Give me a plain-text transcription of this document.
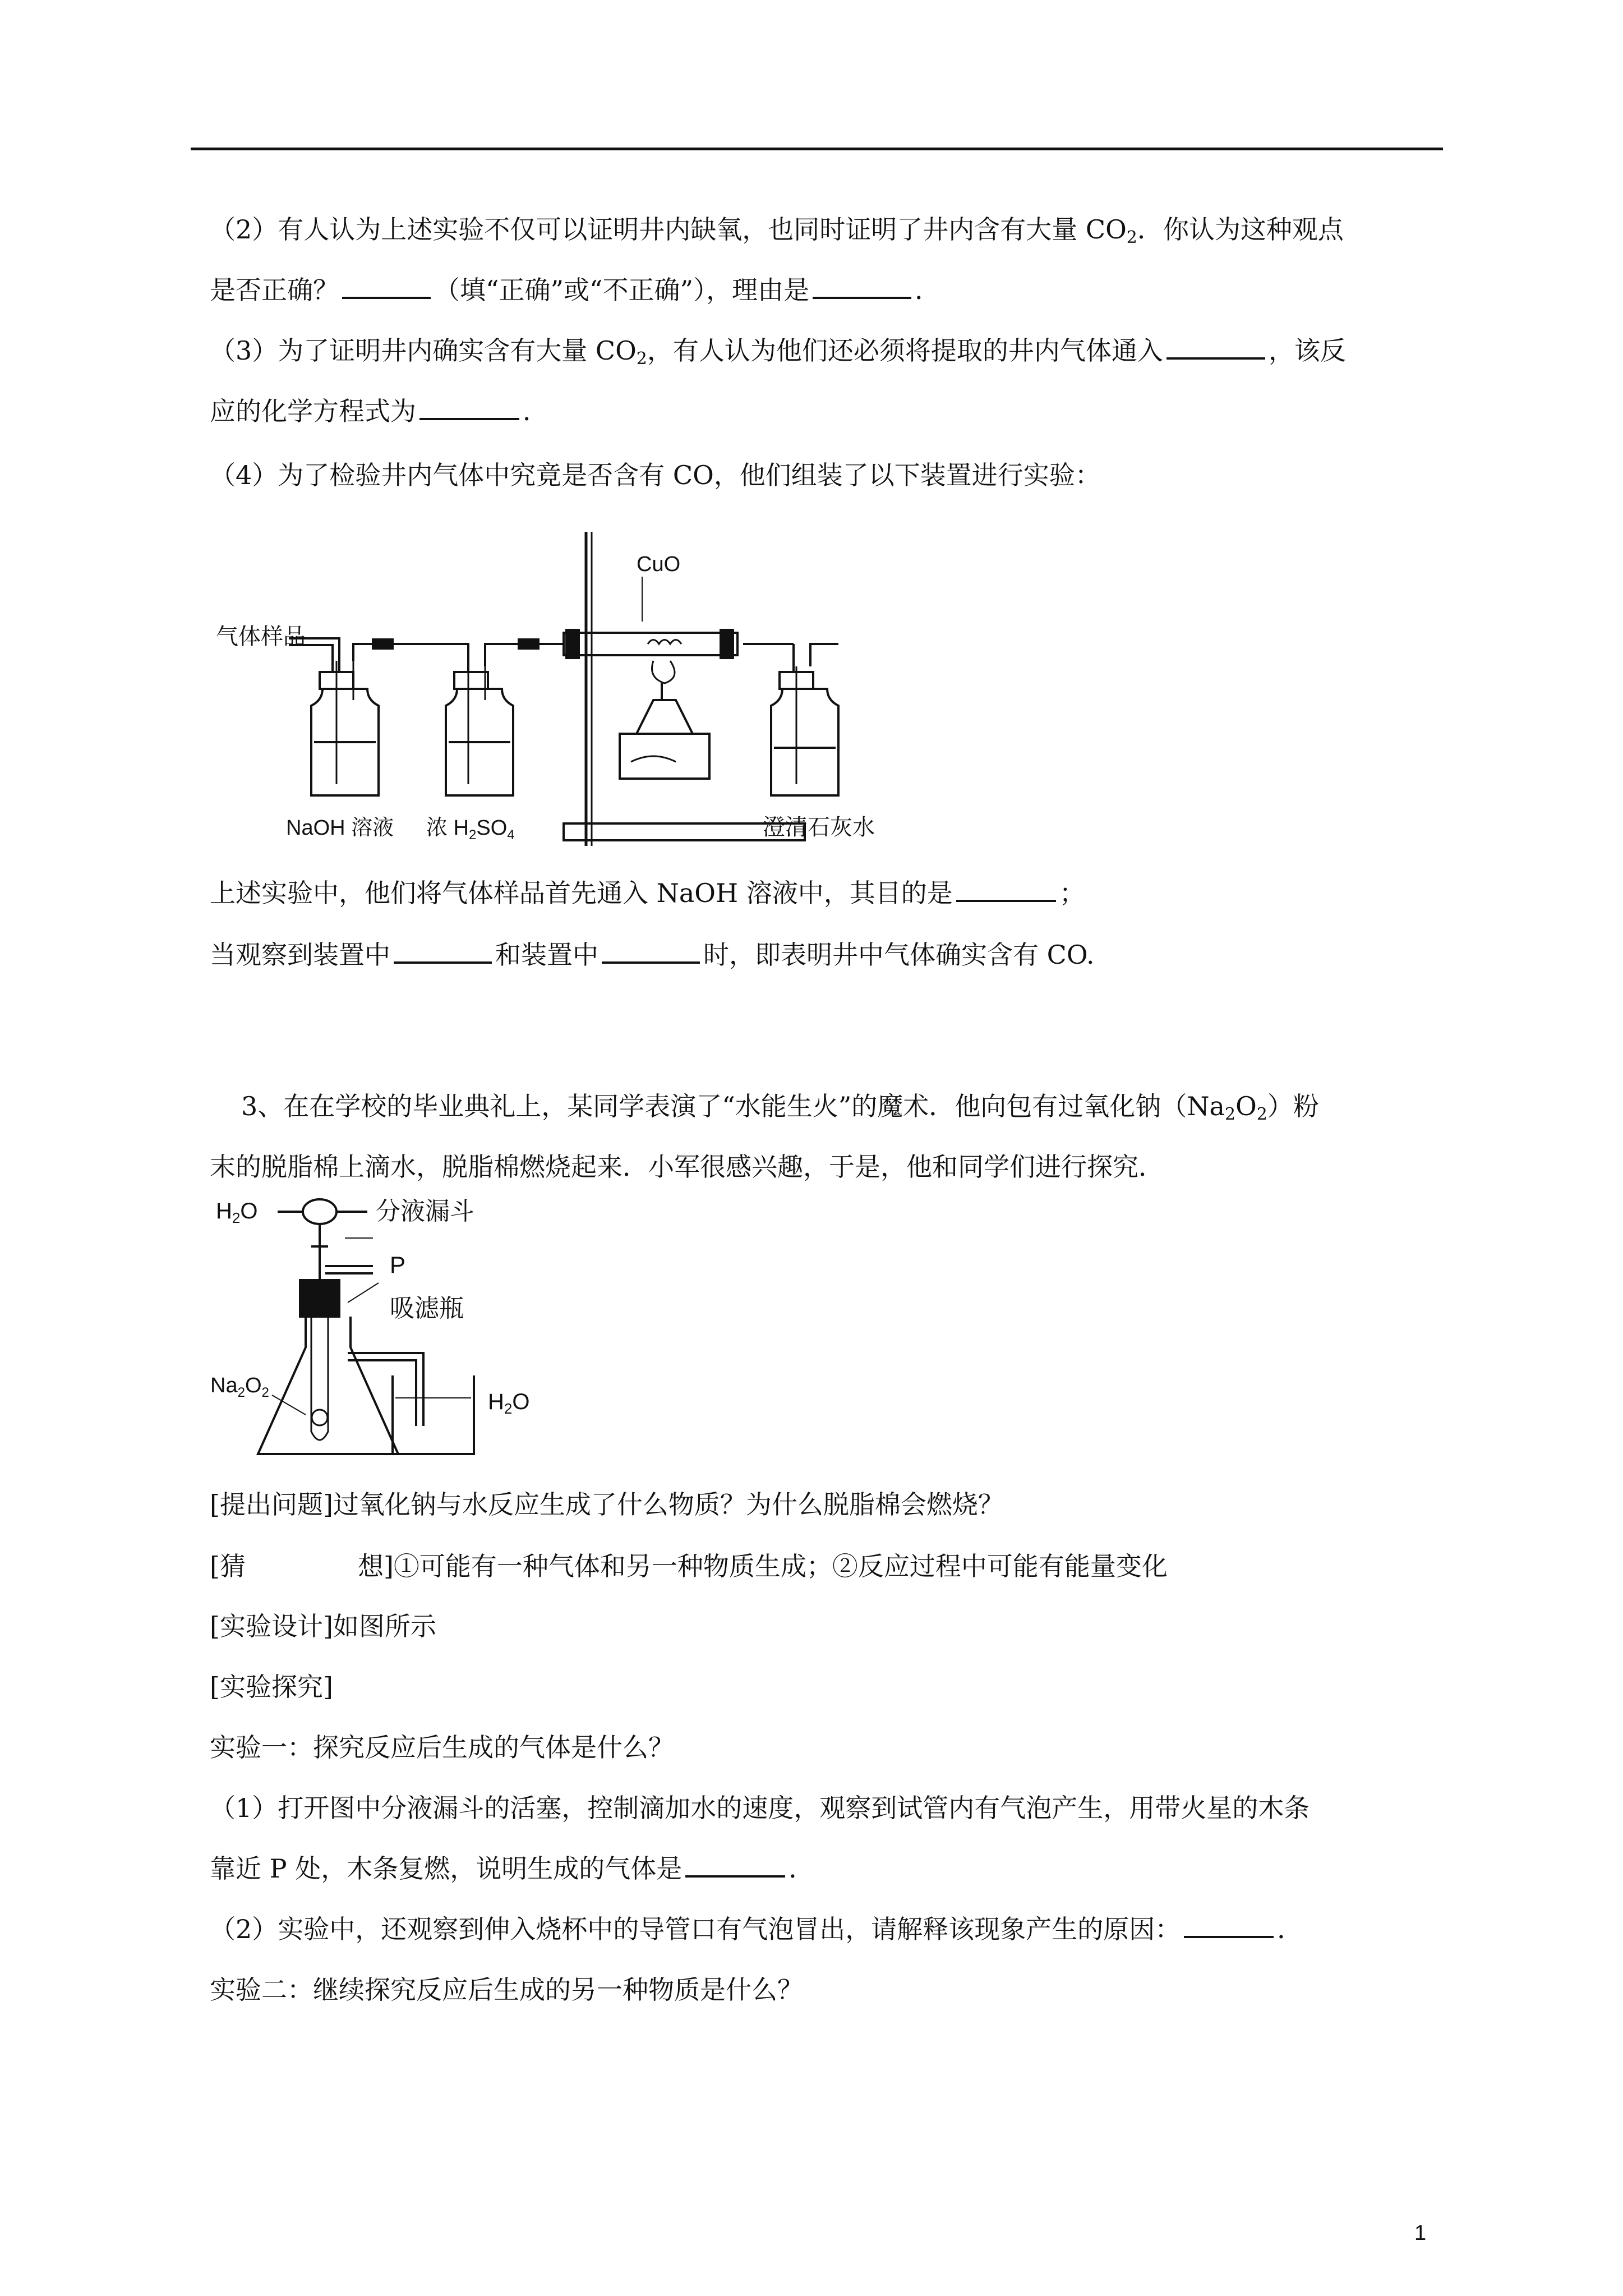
（2）有人认为上述实验不仅可以证明井内缺氧，也同时证明了井内含有大量 $CO_2$．你认为这种观点

是否正确？	（填“正确”或“不正确”），理由是	．

（3）为了证明井内确实含有大量 $CO_2$，有人认为他们还必须将提取的井内气体通入	，该反

应的化学方程式为	．

（4）为了检验井内气体中究竟是否含有 CO，他们组装了以下装置进行实验：

气体样品
CuO
NaOH 溶液 浓 $H_2SO_4$	澄清石灰水

上述实验中，他们将气体样品首先通入 NaOH 溶液中，其目的是	；

当观察到装置中	和装置中	时，即表明井中气体确实含有 CO.

3、在在学校的毕业典礼上，某同学表演了“水能生火”的魔术．他向包有过氧化钠$(Na_2O_2)$粉

末的脱脂棉上滴水，脱脂棉燃烧起来．小军很感兴趣，于是，他和同学们进行探究．

$H_2O$	分液漏斗
P
吸滤瓶
$Na_2O_2$	$H_2O$

[提出问题]过氧化钠与水反应生成了什么物质？为什么脱脂棉会燃烧？

[猜	想]①可能有一种气体和另一种物质生成；②反应过程中可能有能量变化

[实验设计]如图所示

[实验探究]

实验一：探究反应后生成的气体是什么？

（1）打开图中分液漏斗的活塞，控制滴加水的速度，观察到试管内有气泡产生，用带火星的木条

靠近 P 处，木条复燃，说明生成的气体是	．

（2）实验中，还观察到伸入烧杯中的导管口有气泡冒出，请解释该现象产生的原因：	．

实验二：继续探究反应后生成的另一种物质是什么？

1
